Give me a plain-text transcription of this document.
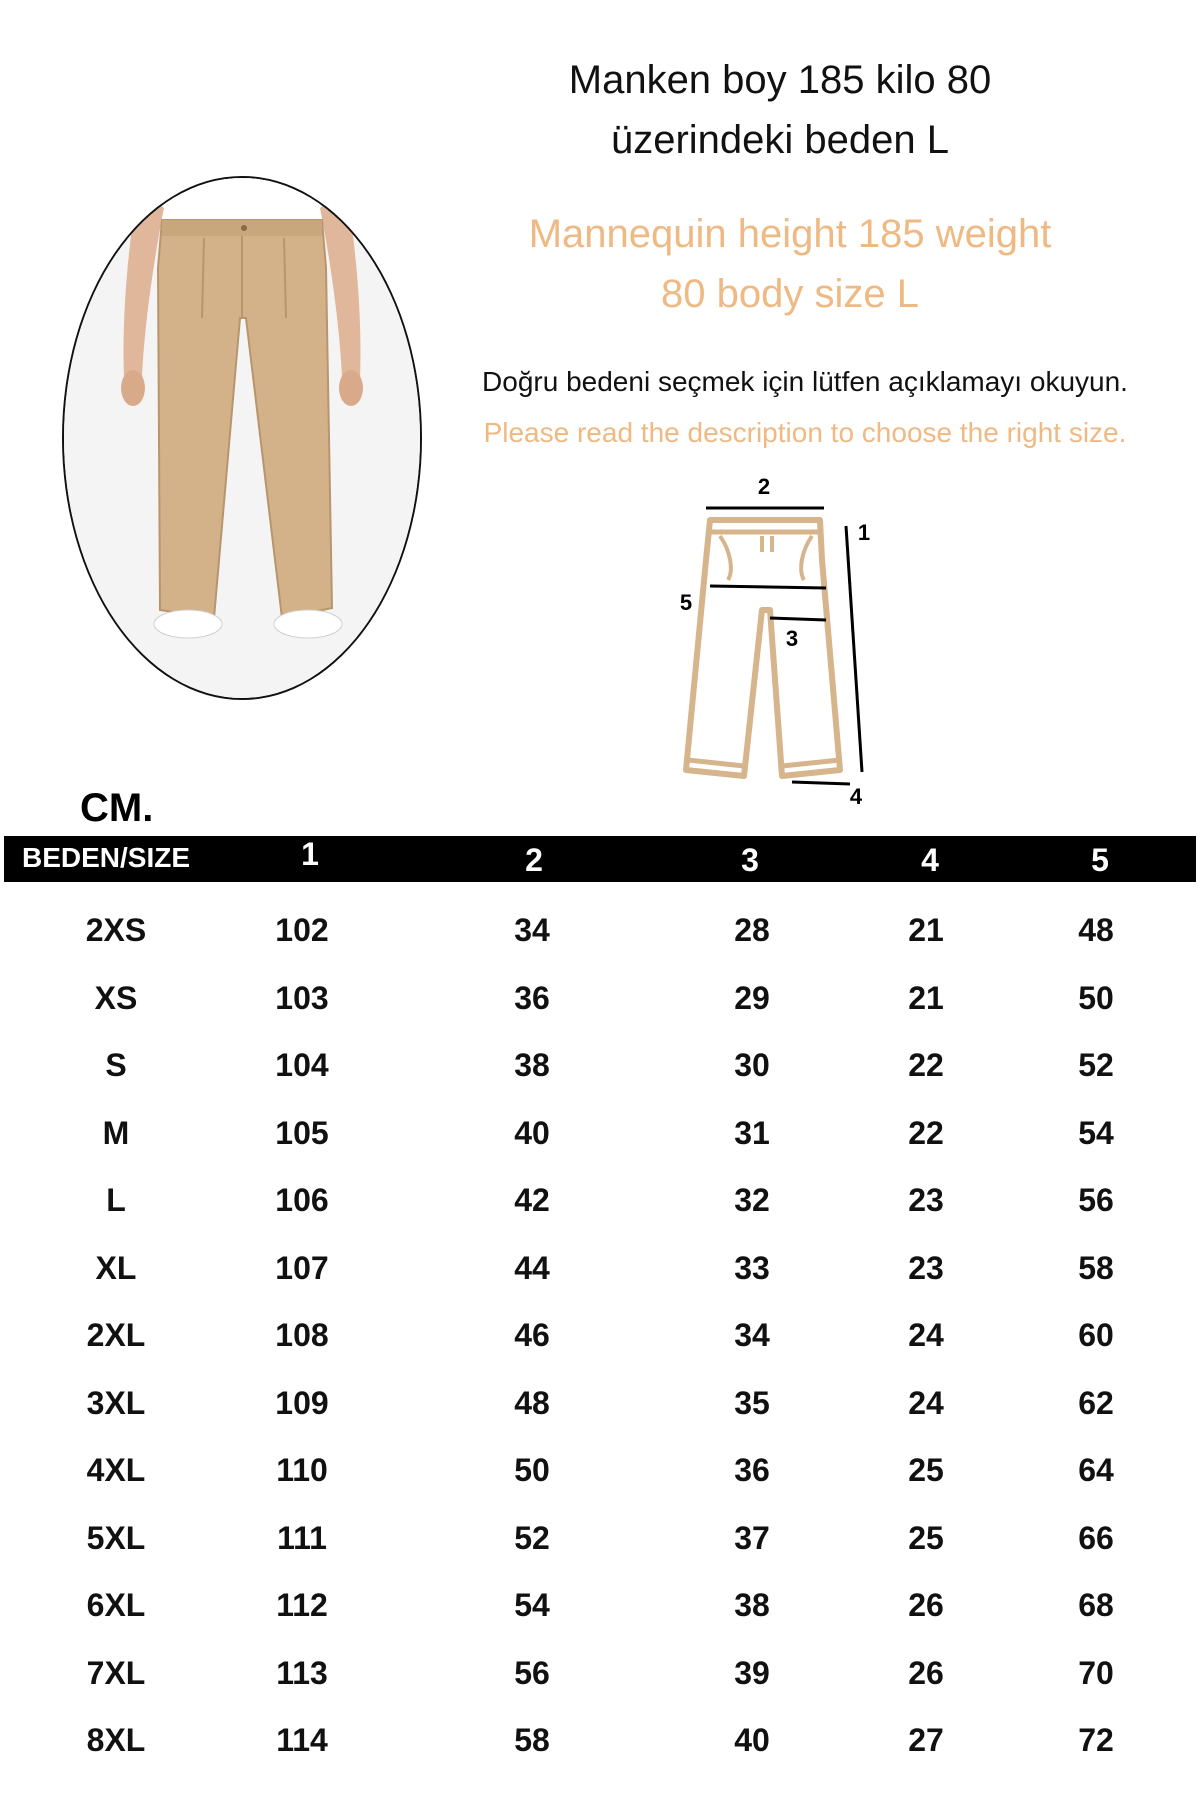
Manken boy 185 kilo 80
üzerindeki beden L
Mannequin height 185 weight
80 body size L
Doğru bedeni seçmek için lütfen açıklamayı okuyun.
Please read the description to choose the right size.
2
1
3
4
5
CM.
BEDEN/SIZE	1	2	3	4	5
2XS	102	34	28	21	48
XS	103	36	29	21	50
S	104	38	30	22	52
M	105	40	31	22	54
L	106	42	32	23	56
XL	107	44	33	23	58
2XL	108	46	34	24	60
3XL	109	48	35	24	62
4XL	110	50	36	25	64
5XL	111	52	37	25	66
6XL	112	54	38	26	68
7XL	113	56	39	26	70
8XL	114	58	40	27	72
